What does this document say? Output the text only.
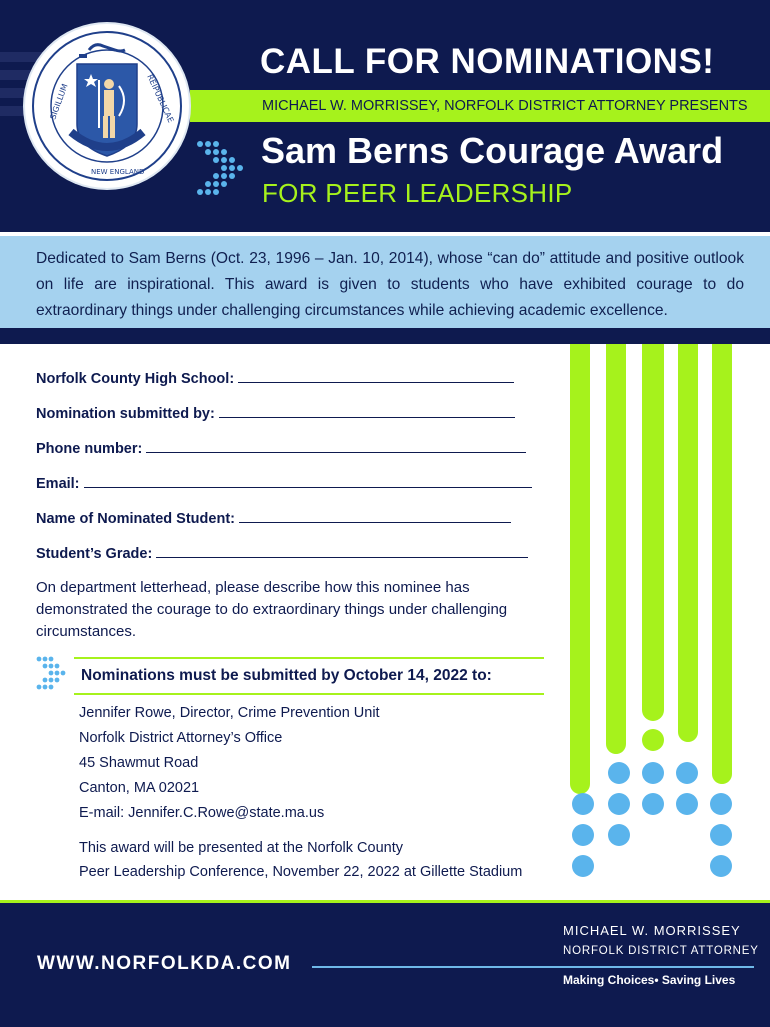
SIGILLUM	REIPUBLICAE
NEW ENGLAND
CALL FOR NOMINATIONS!
MICHAEL W. MORRISSEY, NORFOLK DISTRICT ATTORNEY PRESENTS
Sam Berns Courage Award
FOR PEER LEADERSHIP

Dedicated to Sam Berns (Oct. 23, 1996 – Jan. 10, 2014), whose “can do” attitude and positive outlook on life are inspirational. This award is given to students who have exhibited courage to do extraordinary things under challenging circumstances while achieving academic excellence.

Norfolk County High School:
Nomination submitted by:
Phone number:
Email:
Name of Nominated Student:
Student’s Grade:
On department letterhead, please describe how this nominee has demonstrated the courage to do extraordinary things under challenging circumstances.
Nominations must be submitted by October 14, 2022 to:
Jennifer Rowe, Director, Crime Prevention Unit
Norfolk District Attorney’s Office
45 Shawmut Road
Canton, MA 02021
E-mail: Jennifer.C.Rowe@state.ma.us
This award will be presented at the Norfolk County
Peer Leadership Conference, November 22, 2022 at Gillette Stadium
WWW.NORFOLKDA.COM
MICHAEL W. MORRISSEY
NORFOLK DISTRICT ATTORNEY
Making Choices• Saving Lives
